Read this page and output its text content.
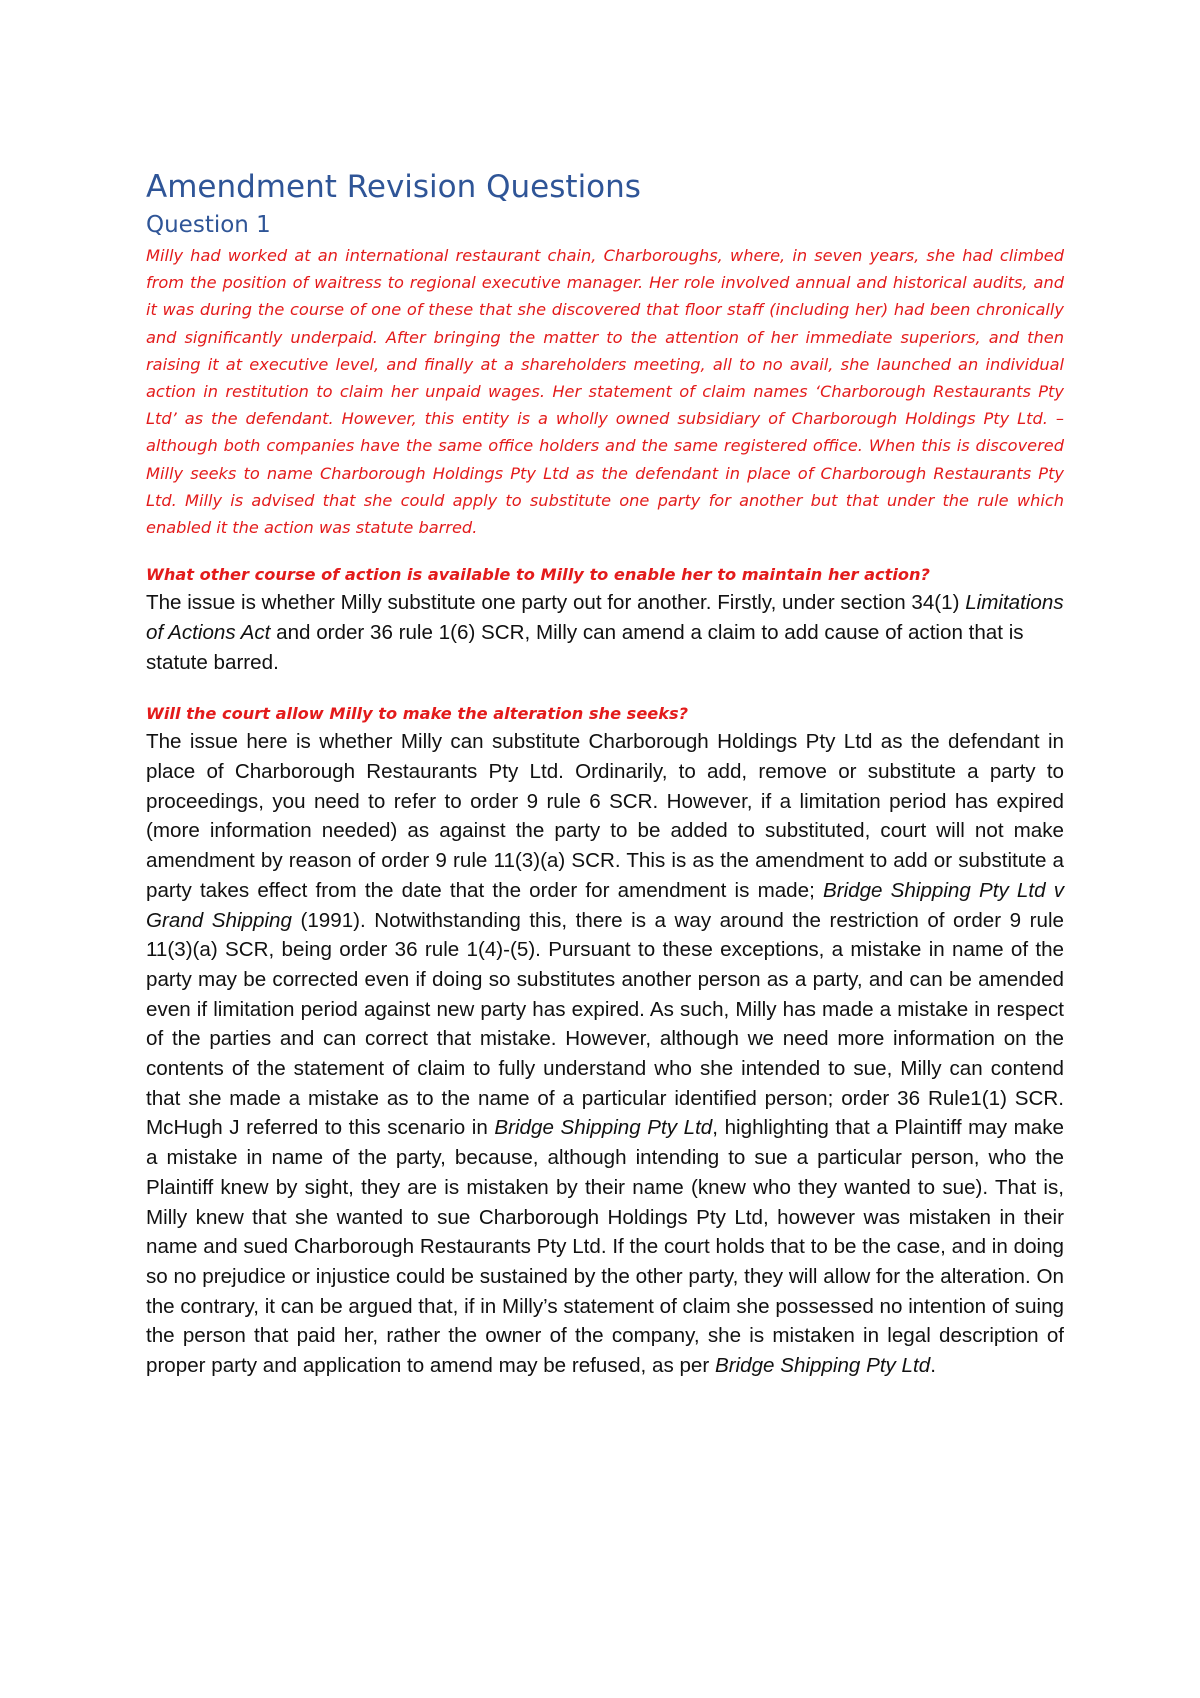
Amendment Revision Questions
Question 1

Milly had worked at an international restaurant chain, Charboroughs, where, in seven years, she had climbed from the position of waitress to regional executive manager. Her role involved annual and historical audits, and it was during the course of one of these that she discovered that floor staff (including her) had been chronically and significantly underpaid. After bringing the matter to the attention of her immediate superiors, and then raising it at executive level, and finally at a shareholders meeting, all to no avail, she launched an individual action in restitution to claim her unpaid wages. Her statement of claim names ‘Charborough Restaurants Pty Ltd’ as the defendant. However, this entity is a wholly owned subsidiary of Charborough Holdings Pty Ltd. – although both companies have the same office holders and the same registered office. When this is discovered Milly seeks to name Charborough Holdings Pty Ltd as the defendant in place of Charborough Restaurants Pty Ltd. Milly is advised that she could apply to substitute one party for another but that under the rule which enabled it the action was statute barred.

What other course of action is available to Milly to enable her to maintain her action?

The issue is whether Milly substitute one party out for another. Firstly, under section 34(1) Limitations of Actions Act and order 36 rule 1(6) SCR, Milly can amend a claim to add cause of action that is statute barred.

Will the court allow Milly to make the alteration she seeks?

The issue here is whether Milly can substitute Charborough Holdings Pty Ltd as the defendant in place of Charborough Restaurants Pty Ltd. Ordinarily, to add, remove or substitute a party to proceedings, you need to refer to order 9 rule 6 SCR. However, if a limitation period has expired (more information needed) as against the party to be added to substituted, court will not make amendment by reason of order 9 rule 11(3)(a) SCR. This is as the amendment to add or substitute a party takes effect from the date that the order for amendment is made; Bridge Shipping Pty Ltd v Grand Shipping (1991). Notwithstanding this, there is a way around the restriction of order 9 rule 11(3)(a) SCR, being order 36 rule 1(4)-(5). Pursuant to these exceptions, a mistake in name of the party may be corrected even if doing so substitutes another person as a party, and can be amended even if limitation period against new party has expired. As such, Milly has made a mistake in respect of the parties and can correct that mistake. However, although we need more information on the contents of the statement of claim to fully understand who she intended to sue, Milly can contend that she made a mistake as to the name of a particular identified person; order 36 Rule1(1) SCR. McHugh J referred to this scenario in Bridge Shipping Pty Ltd, highlighting that a Plaintiff may make a mistake in name of the party, because, although intending to sue a particular person, who the Plaintiff knew by sight, they are is mistaken by their name (knew who they wanted to sue). That is, Milly knew that she wanted to sue Charborough Holdings Pty Ltd, however was mistaken in their name and sued Charborough Restaurants Pty Ltd. If the court holds that to be the case, and in doing so no prejudice or injustice could be sustained by the other party, they will allow for the alteration. On the contrary, it can be argued that, if in Milly’s statement of claim she possessed no intention of suing the person that paid her, rather the owner of the company, she is mistaken in legal description of proper party and application to amend may be refused, as per Bridge Shipping Pty Ltd.
